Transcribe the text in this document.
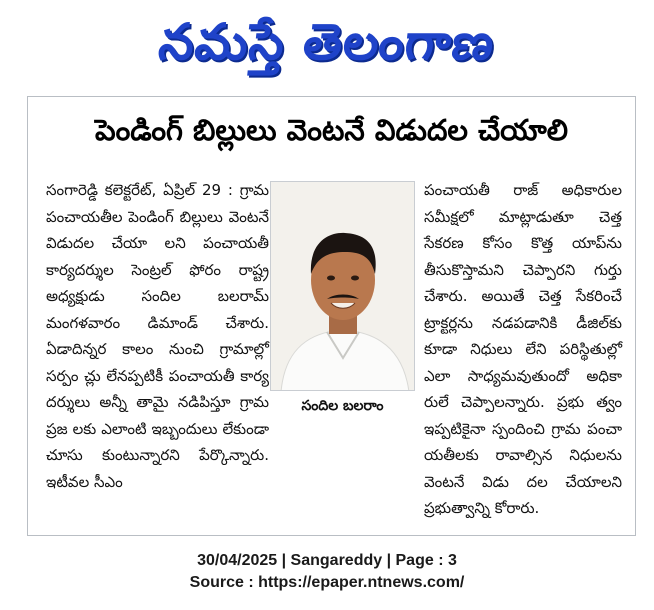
నమస్తే తెలంగాణ
పెండింగ్ బిల్లులు వెంటనే విడుదల చేయాలి

సంగారెడ్డి కలెక్టరేట్, ఏప్రిల్ 29 : గ్రామ పంచాయతీల పెండింగ్ బిల్లులు వెంటనే విడుదల చేయా లని పంచాయతీ కార్యదర్శుల సెంట్రల్ ఫోరం రాష్ట్ర అధ్యక్షుడు సందిల బలరామ్ మంగళవారం డిమాండ్ చేశారు. ఏడాదిన్నర కాలం నుంచి గ్రామాల్లో సర్పం చ్లు లేనప్పటికీ పంచాయతీ కార్య దర్శులు అన్నీ తామై నడిపిస్తూ గ్రామ ప్రజ లకు ఎలాంటి ఇబ్బందులు లేకుండా చూసు కుంటున్నారని పేర్కొన్నారు. ఇటీవల సీఎం

సందిల బలరాం

పంచాయతీ రాజ్ అధికారుల సమీక్షలో మాట్లాడుతూ చెత్త సేకరణ కోసం కొత్త యాప్‌ను తీసుకొస్తామని చెప్పారని గుర్తు చేశారు. అయితే చెత్త సేకరించే ట్రాక్టర్లను నడపడానికి డీజిల్‌కు కూడా నిధులు లేని పరిస్థితుల్లో ఎలా సాధ్యమవుతుందో అధికా రులే చెప్పాలన్నారు. ప్రభు త్వం ఇప్పటికైనా స్పందించి గ్రామ పంచా యతీలకు రావాల్సిన నిధులను వెంటనే విడు దల చేయాలని ప్రభుత్వాన్ని కోరారు.

30/04/2025 | Sangareddy | Page : 3
Source : https://epaper.ntnews.com/
